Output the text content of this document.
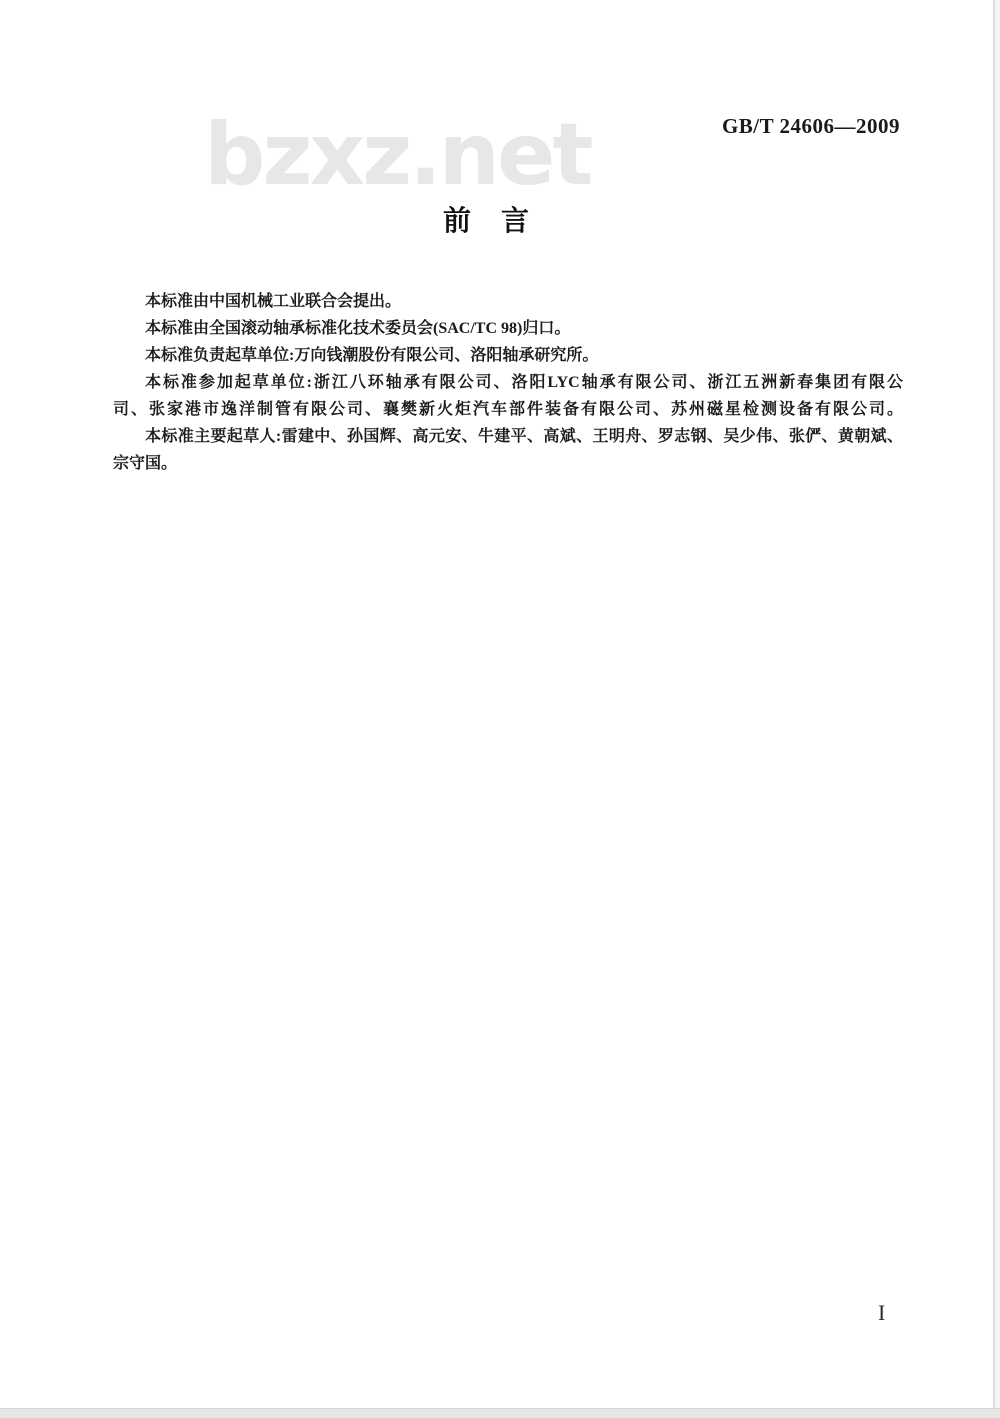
bzxz.net	GB/T 24606—2009
前 言
本标准由中国机械工业联合会提出。
本标准由全国滚动轴承标准化技术委员会(SAC/TC 98)归口。
本标准负责起草单位:万向钱潮股份有限公司、洛阳轴承研究所。
本标准参加起草单位:浙江八环轴承有限公司、洛阳LYC轴承有限公司、浙江五洲新春集团有限公
司、张家港市逸洋制管有限公司、襄樊新火炬汽车部件装备有限公司、苏州磁星检测设备有限公司。
本标准主要起草人:雷建中、孙国辉、高元安、牛建平、高斌、王明舟、罗志钢、吴少伟、张俨、黄朝斌、
宗守国。
I
